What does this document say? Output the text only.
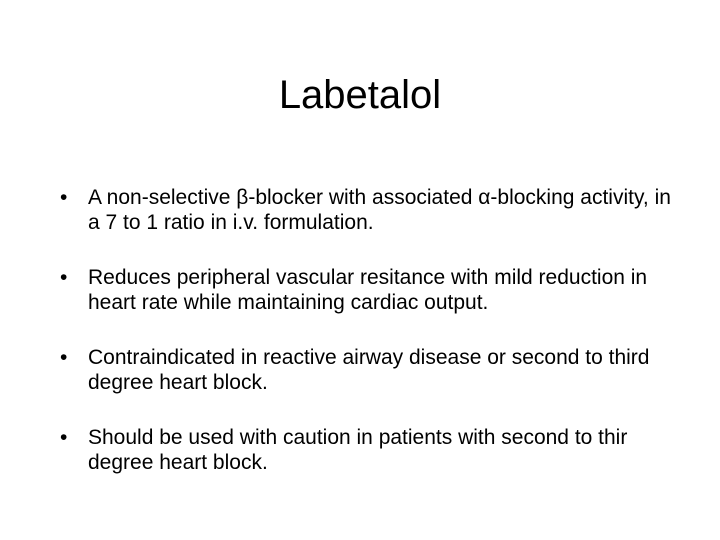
Labetalol
• A non-selective β-blocker with associated α-blocking activity, in a 7 to 1 ratio in i.v. formulation.
• Reduces peripheral vascular resitance with mild reduction in heart rate while maintaining cardiac output.
• Contraindicated in reactive airway disease or second to third degree heart block.
• Should be used with caution in patients with second to thir degree heart block.
